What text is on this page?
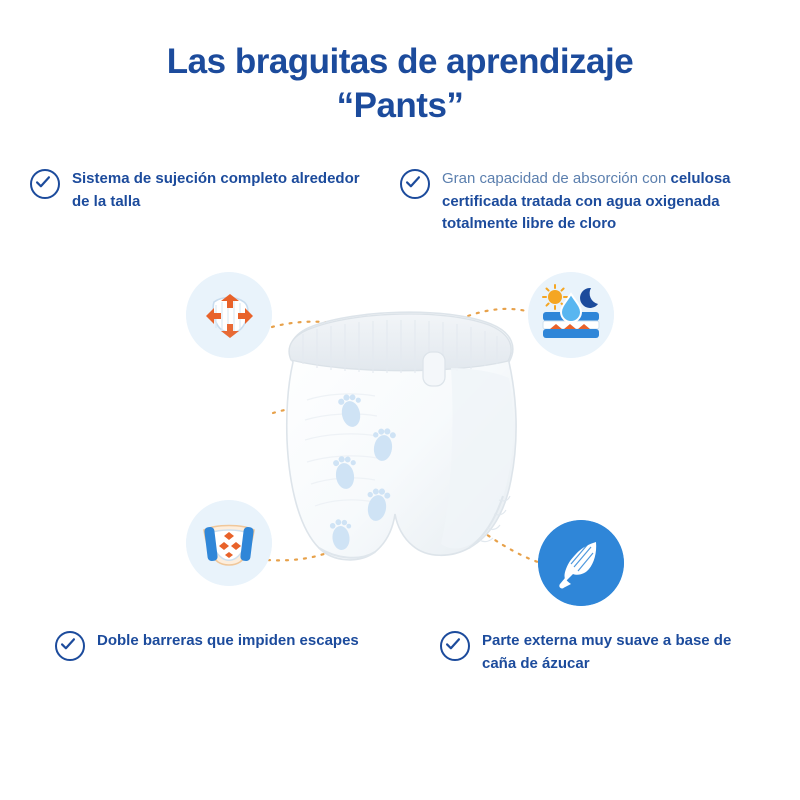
Las braguitas de aprendizaje
“Pants”
Sistema de sujeción completo alrededor de la talla
Gran capacidad de absorción con celulosa certificada tratada con agua oxigenada totalmente libre de cloro
Doble barreras que impiden escapes	Parte externa muy suave a base de caña de ázucar
